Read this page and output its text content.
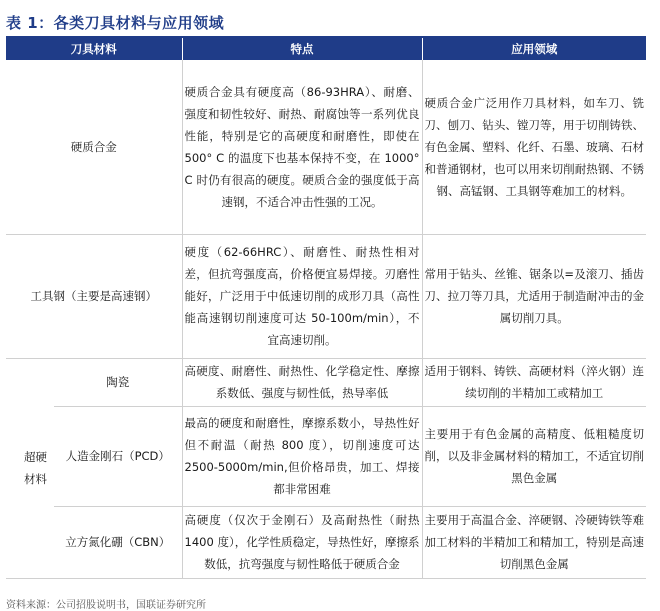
表 1：各类刀具材料与应用领域
刀具材料		特点	应用领域
硬质合金		硬质合金具有硬度高（86-93HRA）、耐磨、强度和韧性较好、耐热、耐腐蚀等一系列优良性能，特别是它的高硬度和耐磨性，即使在 500° C 的温度下也基本保持不变，在 1000° C 时仍有很高的硬度。硬质合金的强度低于高速钢，不适合冲击性强的工况。	硬质合金广泛用作刀具材料，如车刀、铣刀、刨刀、钻头、镗刀等，用于切削铸铁、有色金属、塑料、化纤、石墨、玻璃、石材和普通钢材，也可以用来切削耐热钢、不锈钢、高锰钢、工具钢等难加工的材料。
工具钢（主要是高速钢）		硬度（62-66HRC）、耐磨性、耐热性相对差，但抗弯强度高，价格便宜易焊接。刃磨性能好，广泛用于中低速切削的成形刀具（高性能高速钢切削速度可达 50-100m/min），不宜高速切削。	常用于钻头、丝锥、锯条以=及滚刀、插齿刀、拉刀等刀具，尤适用于制造耐冲击的金属切削刀具。
超硬材料	陶瓷	高硬度、耐磨性、耐热性、化学稳定性、摩擦系数低、强度与韧性低，热导率低	适用于钢料、铸铁、高硬材料（淬火钢）连续切削的半精加工或精加工
	人造金刚石（PCD）	最高的硬度和耐磨性，摩擦系数小，导热性好但不耐温（耐热 800 度），切削速度可达 2500-5000m/min,但价格昂贵，加工、焊接都非常困难	主要用于有色金属的高精度、低粗糙度切削，以及非金属材料的精加工，不适宜切削黑色金属
	立方氮化硼（CBN）	高硬度（仅次于金刚石）及高耐热性（耐热 1400 度），化学性质稳定，导热性好，摩擦系数低，抗弯强度与韧性略低于硬质合金	主要用于高温合金、淬硬钢、冷硬铸铁等难加工材料的半精加工和精加工，特别是高速切削黑色金属
资料来源：公司招股说明书，国联证券研究所
